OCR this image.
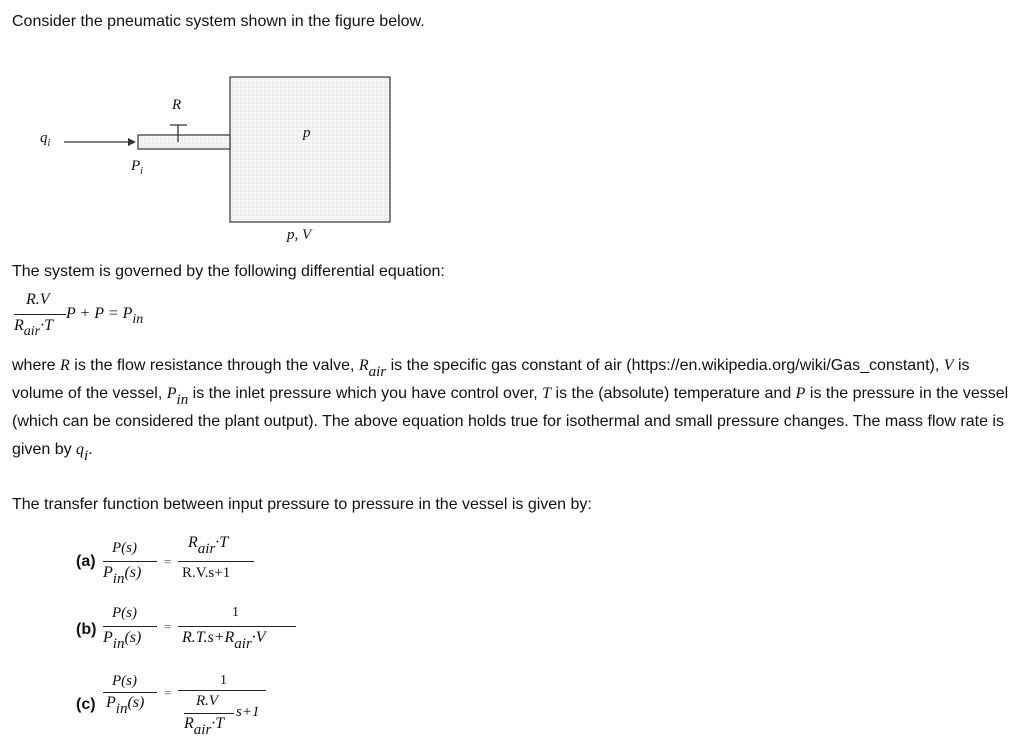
Consider the pneumatic system shown in the figure below.
$q_i$
$P_i$
R
p
p, V
The system is governed by the following differential equation:
R.V
Rair·T
P + P = Pin
where R is the flow resistance through the valve, Rair is the specific gas constant of air (https://en.wikipedia.org/wiki/Gas_constant), V is volume of the vessel, Pin is the inlet pressure which you have control over, T is the (absolute) temperature and P is the pressure in the vessel (which can be considered the plant output). The above equation holds true for isothermal and small pressure changes. The mass flow rate is given by qi.
The transfer function between input pressure to pressure in the vessel is given by:
(a)
P(s)
Pin(s)
=
Rair·T
R.V.s+1
(b)
P(s)
Pin(s)
=
1
R.T.s+Rair·V
(c)
P(s)
Pin(s)
=
1
R.V
Rair·T
s+1
